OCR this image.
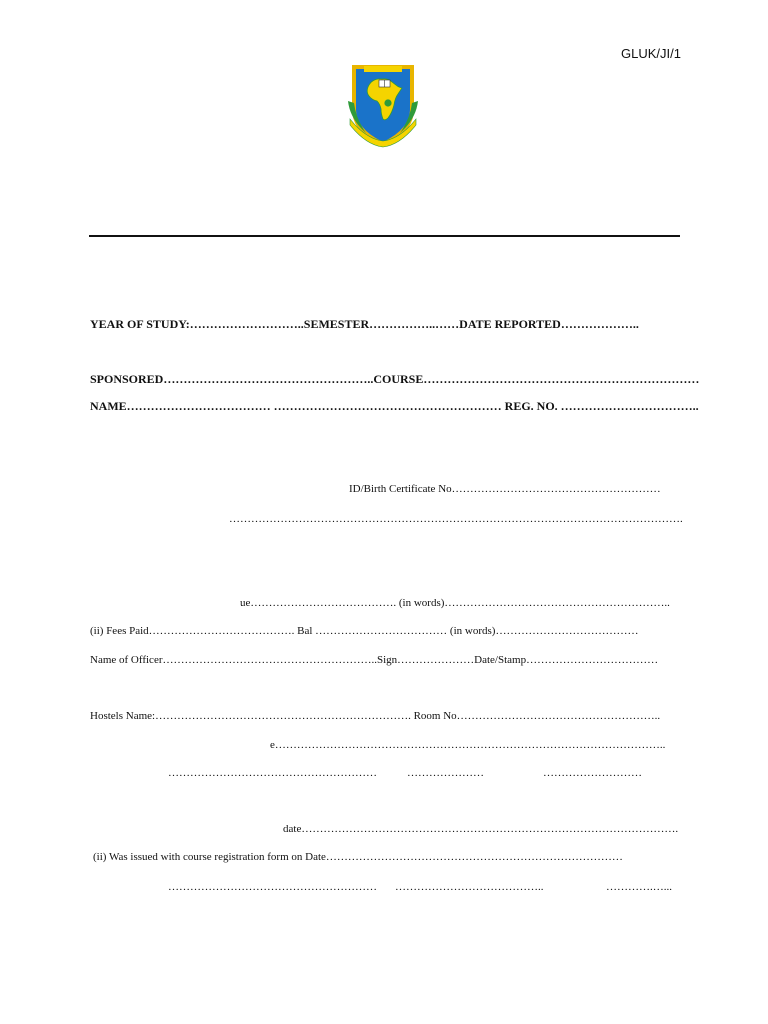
GLUK/JI/1
YEAR OF STUDY:………………………..SEMESTER……………..……DATE REPORTED………………..
SPONSORED……………………………………………..COURSE……………………………………………………………
NAME……………………………… ………………………………………………… REG. NO. ……………………………..
ID/Birth Certificate No…………………………………………………
…………………………………………………………………………………………………………….
ue…………………………………. (in words)……………………………………………………..
(ii) Fees Paid…………………………………. Bal ……………………………… (in words)…………………………………
Name of Officer…………………………………………………..Sign…………………Date/Stamp………………………………
Hostels Name:……………………………………………………………. Room No………………………………………………..
e……………………………………………………………………………………………..
…………………………………………………	…………………	………………………
date………………………………………………………………………………………….
(ii) Was issued with course registration form on Date………………………………………………………………………
………………………………………………… …………………………………..	………….…...
